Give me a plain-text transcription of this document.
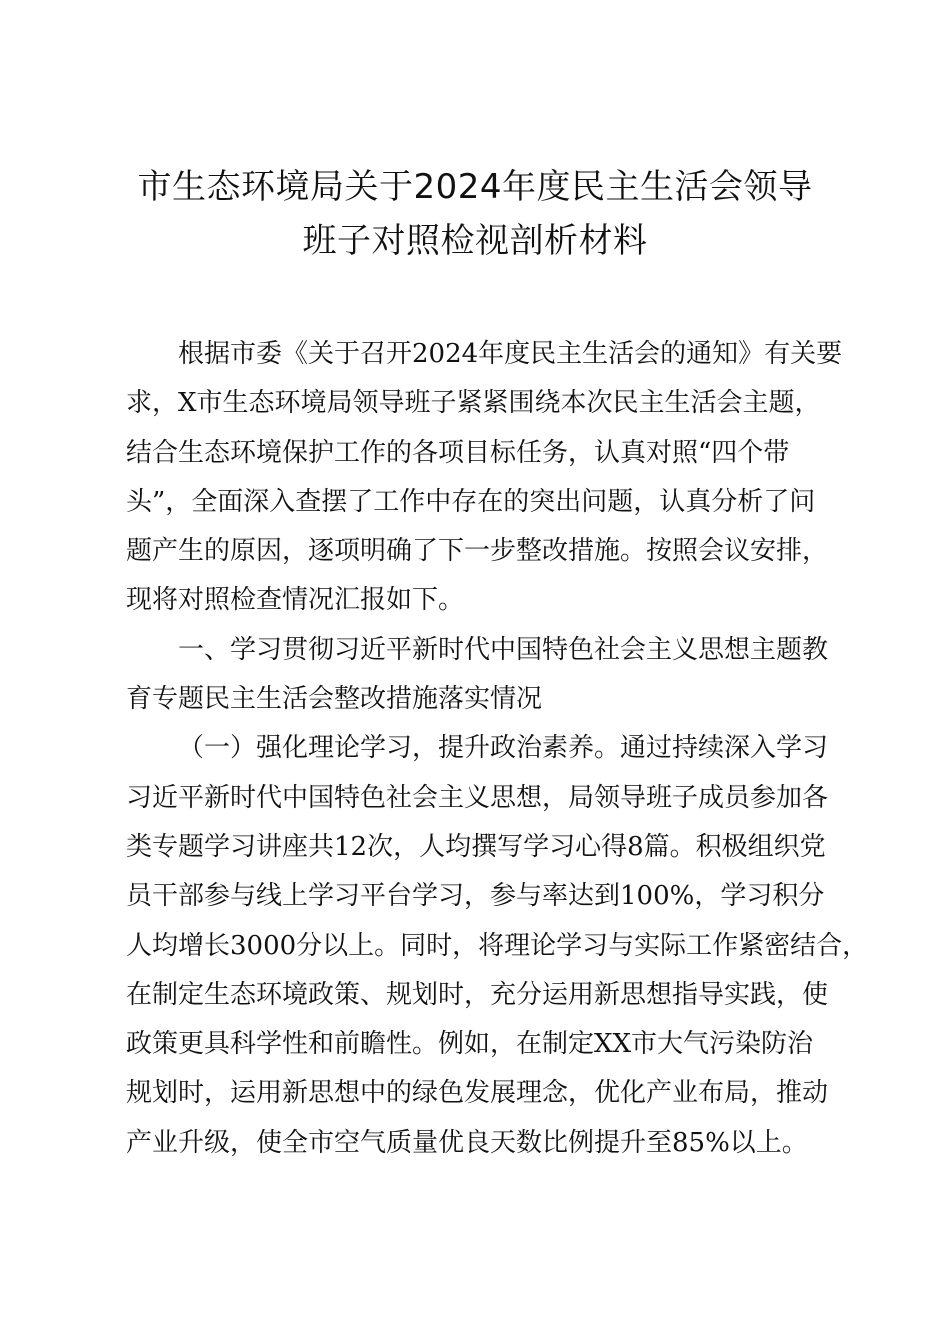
市生态环境局关于2024年度民主生活会领导
班子对照检视剖析材料

根据市委《关于召开2024年度民主生活会的通知》有关要
求，X市生态环境局领导班子紧紧围绕本次民主生活会主题，
结合生态环境保护工作的各项目标任务，认真对照“四个带
头”，全面深入查摆了工作中存在的突出问题，认真分析了问
题产生的原因，逐项明确了下一步整改措施。按照会议安排，
现将对照检查情况汇报如下。

一、学习贯彻习近平新时代中国特色社会主义思想主题教
育专题民主生活会整改措施落实情况

（一）强化理论学习，提升政治素养。通过持续深入学习
习近平新时代中国特色社会主义思想，局领导班子成员参加各
类专题学习讲座共12次，人均撰写学习心得8篇。积极组织党
员干部参与线上学习平台学习，参与率达到100%，学习积分
人均增长3000分以上。同时，将理论学习与实际工作紧密结合，
在制定生态环境政策、规划时，充分运用新思想指导实践，使
政策更具科学性和前瞻性。例如，在制定XX市大气污染防治
规划时，运用新思想中的绿色发展理念，优化产业布局，推动
产业升级，使全市空气质量优良天数比例提升至85%以上。
